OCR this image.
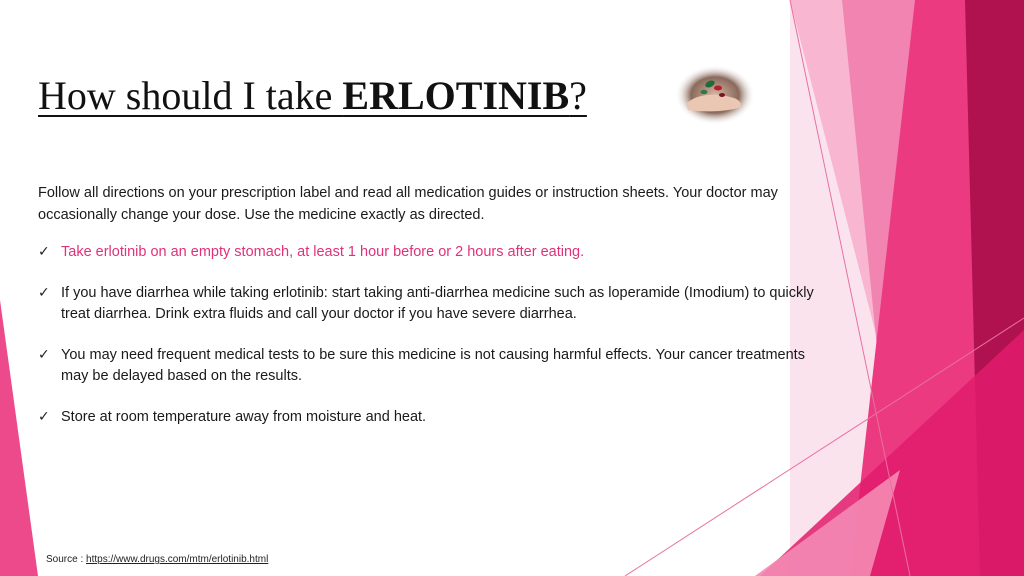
How should I take ERLOTINIB?

Follow all directions on your prescription label and read all medication guides or instruction sheets. Your doctor may occasionally change your dose. Use the medicine exactly as directed.

✓ Take erlotinib on an empty stomach, at least 1 hour before or 2 hours after eating.
✓ If you have diarrhea while taking erlotinib: start taking anti-diarrhea medicine such as loperamide (Imodium) to quickly treat diarrhea. Drink extra fluids and call your doctor if you have severe diarrhea.
✓ You may need frequent medical tests to be sure this medicine is not causing harmful effects. Your cancer treatments may be delayed based on the results.
✓ Store at room temperature away from moisture and heat.
Source : https://www.drugs.com/mtm/erlotinib.html
